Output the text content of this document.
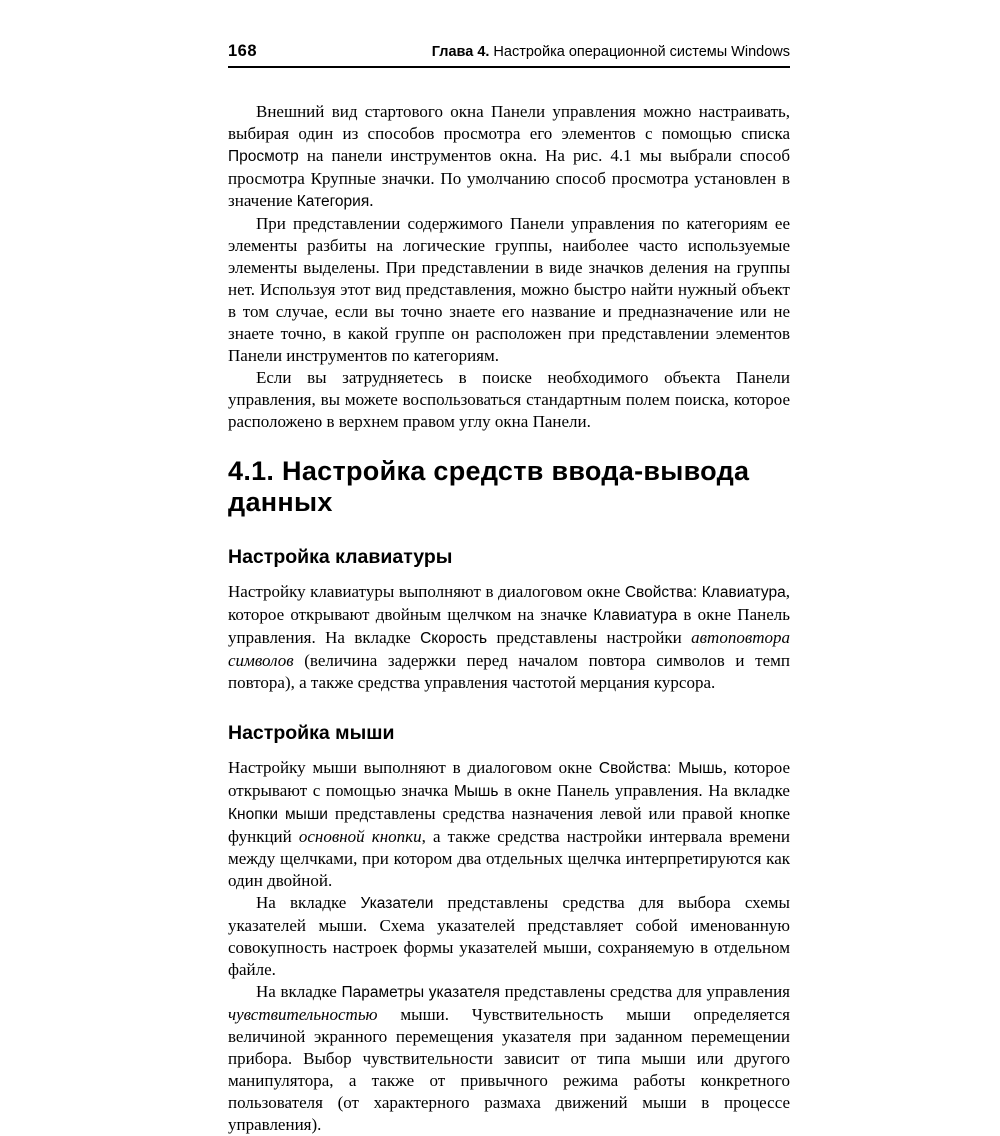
168	Глава 4. Настройка операционной системы Windows

Внешний вид стартового окна Панели управления можно настраивать, выбирая один из способов просмотра его элементов с помощью списка Просмотр на панели инструментов окна. На рис. 4.1 мы выбрали способ просмотра Крупные значки. По умолчанию способ просмотра установлен в значение Категория.

При представлении содержимого Панели управления по категориям ее элементы разбиты на логические группы, наиболее часто используемые элементы выделены. При представлении в виде значков деления на группы нет. Используя этот вид представления, можно быстро найти нужный объект в том случае, если вы точно знаете его название и предназначение или не знаете точно, в какой группе он расположен при представлении элементов Панели инструментов по категориям.

Если вы затрудняетесь в поиске необходимого объекта Панели управления, вы можете воспользоваться стандартным полем поиска, которое расположено в верхнем правом углу окна Панели.

4.1. Настройка средств ввода-вывода данных
Настройка клавиатуры

Настройку клавиатуры выполняют в диалоговом окне Свойства: Клавиатура, которое открывают двойным щелчком на значке Клавиатура в окне Панель управления. На вкладке Скорость представлены настройки автоповтора символов (величина задержки перед началом повтора символов и темп повтора), а также средства управления частотой мерцания курсора.

Настройка мыши

Настройку мыши выполняют в диалоговом окне Свойства: Мышь, которое открывают с помощью значка Мышь в окне Панель управления. На вкладке Кнопки мыши представлены средства назначения левой или правой кнопке функций основной кнопки, а также средства настройки интервала времени между щелчками, при котором два отдельных щелчка интерпретируются как один двойной.

На вкладке Указатели представлены средства для выбора схемы указателей мыши. Схема указателей представляет собой именованную совокупность настроек формы указателей мыши, сохраняемую в отдельном файле.

На вкладке Параметры указателя представлены средства для управления чувствительностью мыши. Чувствительность мыши определяется величиной экранного перемещения указателя при заданном перемещении прибора. Выбор чувствительности зависит от типа мыши или другого манипулятора, а также от привычного режима работы конкретного пользователя (от характерного размаха движений мыши в процессе управления).
